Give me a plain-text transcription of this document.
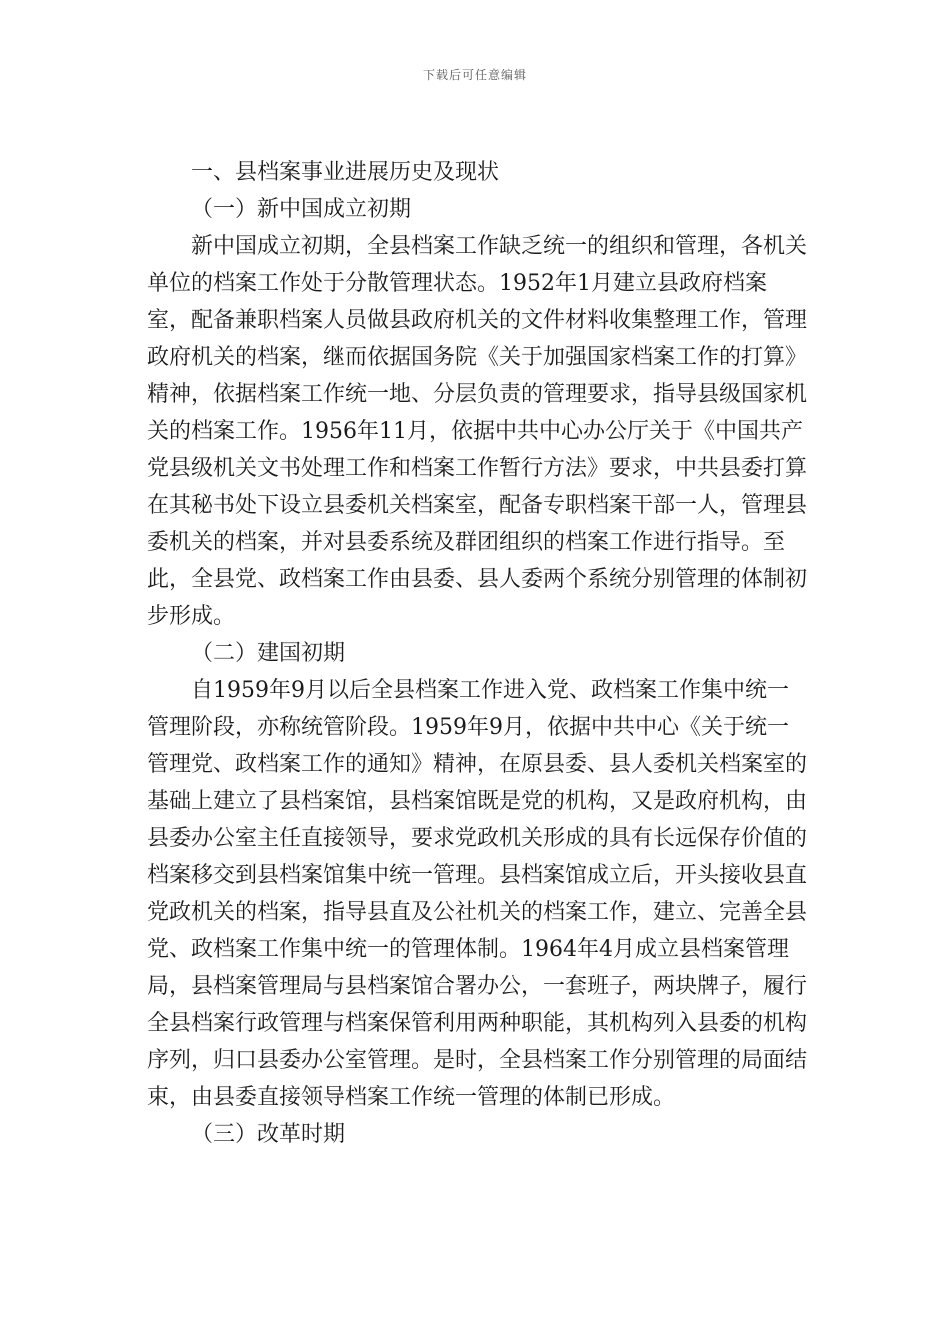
下载后可任意编辑

一、县档案事业进展历史及现状

（一）新中国成立初期

新中国成立初期，全县档案工作缺乏统一的组织和管理，各机关单位的档案工作处于分散管理状态。1952年1月建立县政府档案室，配备兼职档案人员做县政府机关的文件材料收集整理工作，管理政府机关的档案，继而依据国务院《关于加强国家档案工作的打算》精神，依据档案工作统一地、分层负责的管理要求，指导县级国家机关的档案工作。1956年11月，依据中共中心办公厅关于《中国共产党县级机关文书处理工作和档案工作暂行方法》要求，中共县委打算在其秘书处下设立县委机关档案室，配备专职档案干部一人，管理县委机关的档案，并对县委系统及群团组织的档案工作进行指导。至此，全县党、政档案工作由县委、县人委两个系统分别管理的体制初步形成。

（二）建国初期

自1959年9月以后全县档案工作进入党、政档案工作集中统一管理阶段，亦称统管阶段。1959年9月，依据中共中心《关于统一管理党、政档案工作的通知》精神，在原县委、县人委机关档案室的基础上建立了县档案馆，县档案馆既是党的机构，又是政府机构，由县委办公室主任直接领导，要求党政机关形成的具有长远保存价值的档案移交到县档案馆集中统一管理。县档案馆成立后，开头接收县直党政机关的档案，指导县直及公社机关的档案工作，建立、完善全县党、政档案工作集中统一的管理体制。1964年4月成立县档案管理局，县档案管理局与县档案馆合署办公，一套班子，两块牌子，履行全县档案行政管理与档案保管利用两种职能，其机构列入县委的机构序列，归口县委办公室管理。是时，全县档案工作分别管理的局面结束，由县委直接领导档案工作统一管理的体制已形成。

（三）改革时期
